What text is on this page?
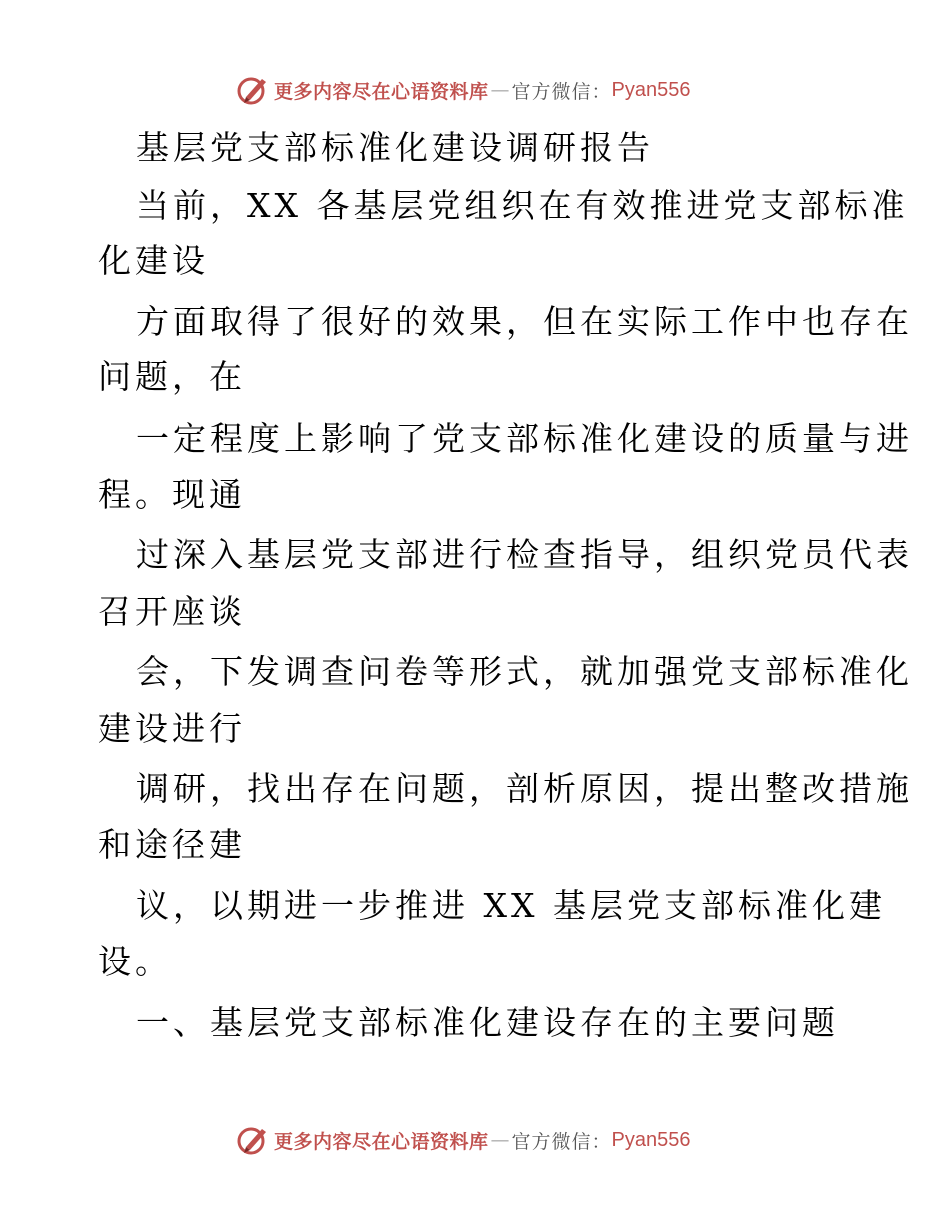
更多内容尽在心语资料库 — 官方微信： Pyan556
基层党支部标准化建设调研报告
当前，XX 各基层党组织在有效推进党支部标准
化建设
方面取得了很好的效果，但在实际工作中也存在
问题，在
一定程度上影响了党支部标准化建设的质量与进
程。现通
过深入基层党支部进行检查指导，组织党员代表
召开座谈
会，下发调查问卷等形式，就加强党支部标准化
建设进行
调研，找出存在问题，剖析原因，提出整改措施
和途径建
议，以期进一步推进 XX 基层党支部标准化建
设。
一、基层党支部标准化建设存在的主要问题
更多内容尽在心语资料库 — 官方微信： Pyan556
